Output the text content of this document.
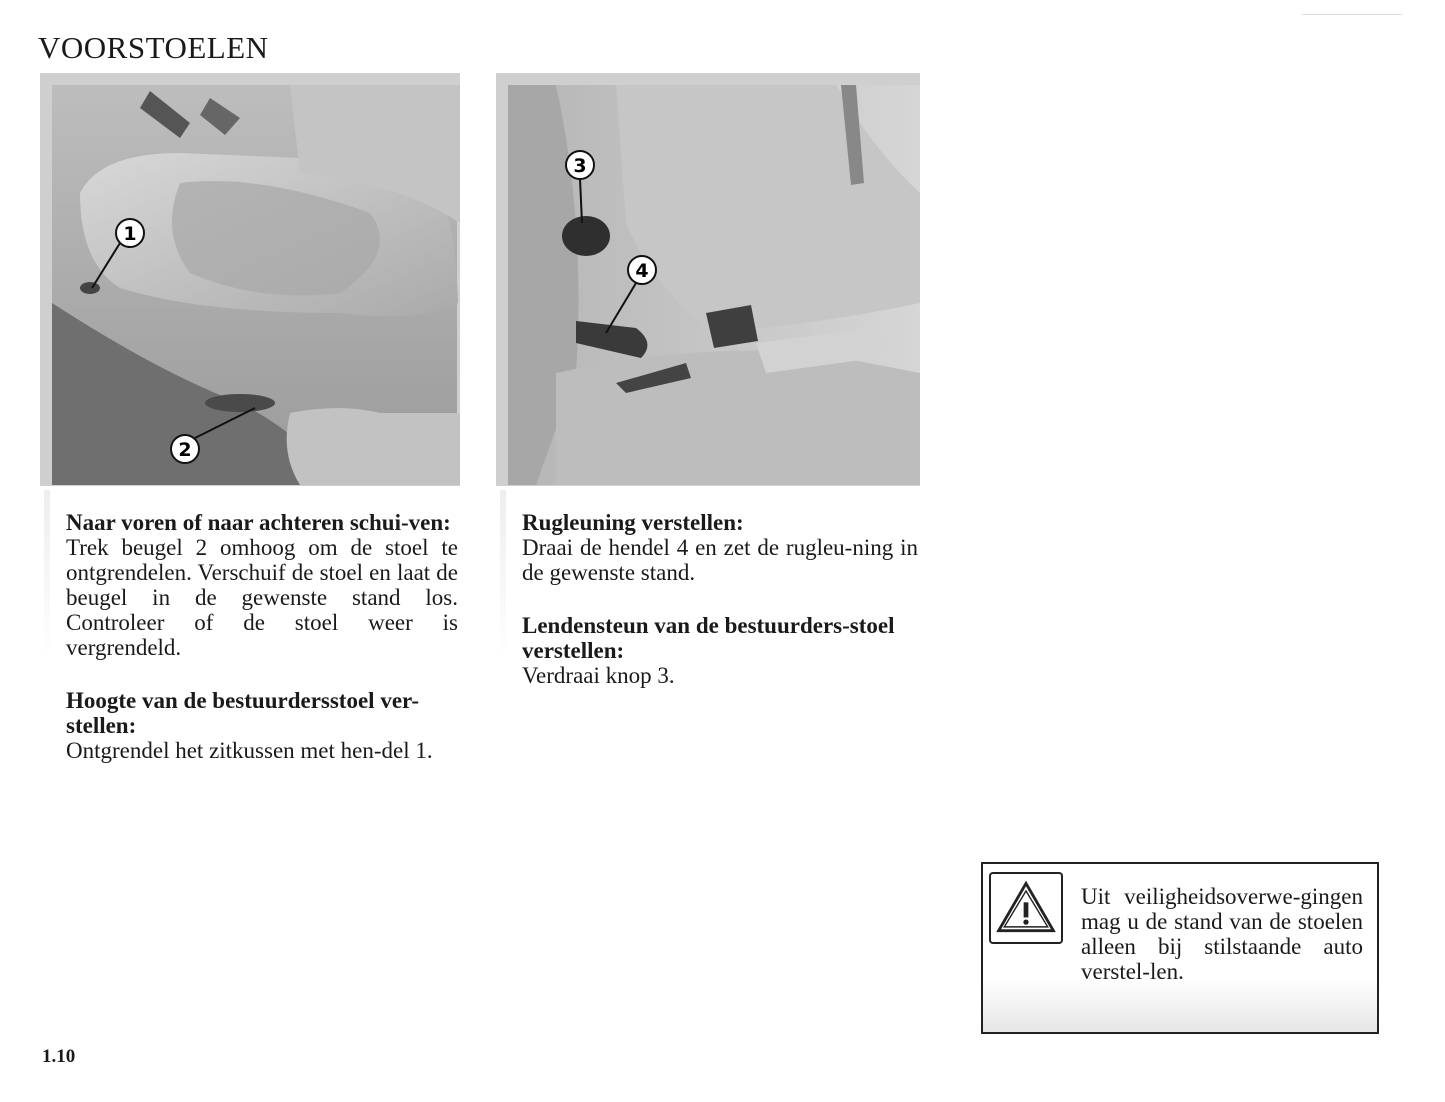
VOORSTOELEN
1
2
3
4
Naar voren of naar achteren schui-ven:

Trek beugel 2 omhoog om de stoel te ontgrendelen. Verschuif de stoel en laat de beugel in de gewenste stand los. Controleer of de stoel weer is vergrendeld.

Hoogte van de bestuurdersstoel ver-stellen:

Ontgrendel het zitkussen met hen-del 1.

Rugleuning verstellen:

Draai de hendel 4 en zet de rugleu-ning in de gewenste stand.

Lendensteun van de bestuurders-stoel verstellen:

Verdraai knop 3.

Uit veiligheidsoverwe-gingen mag u de stand van de stoelen alleen bij stilstaande auto verstel-len.

1.10
